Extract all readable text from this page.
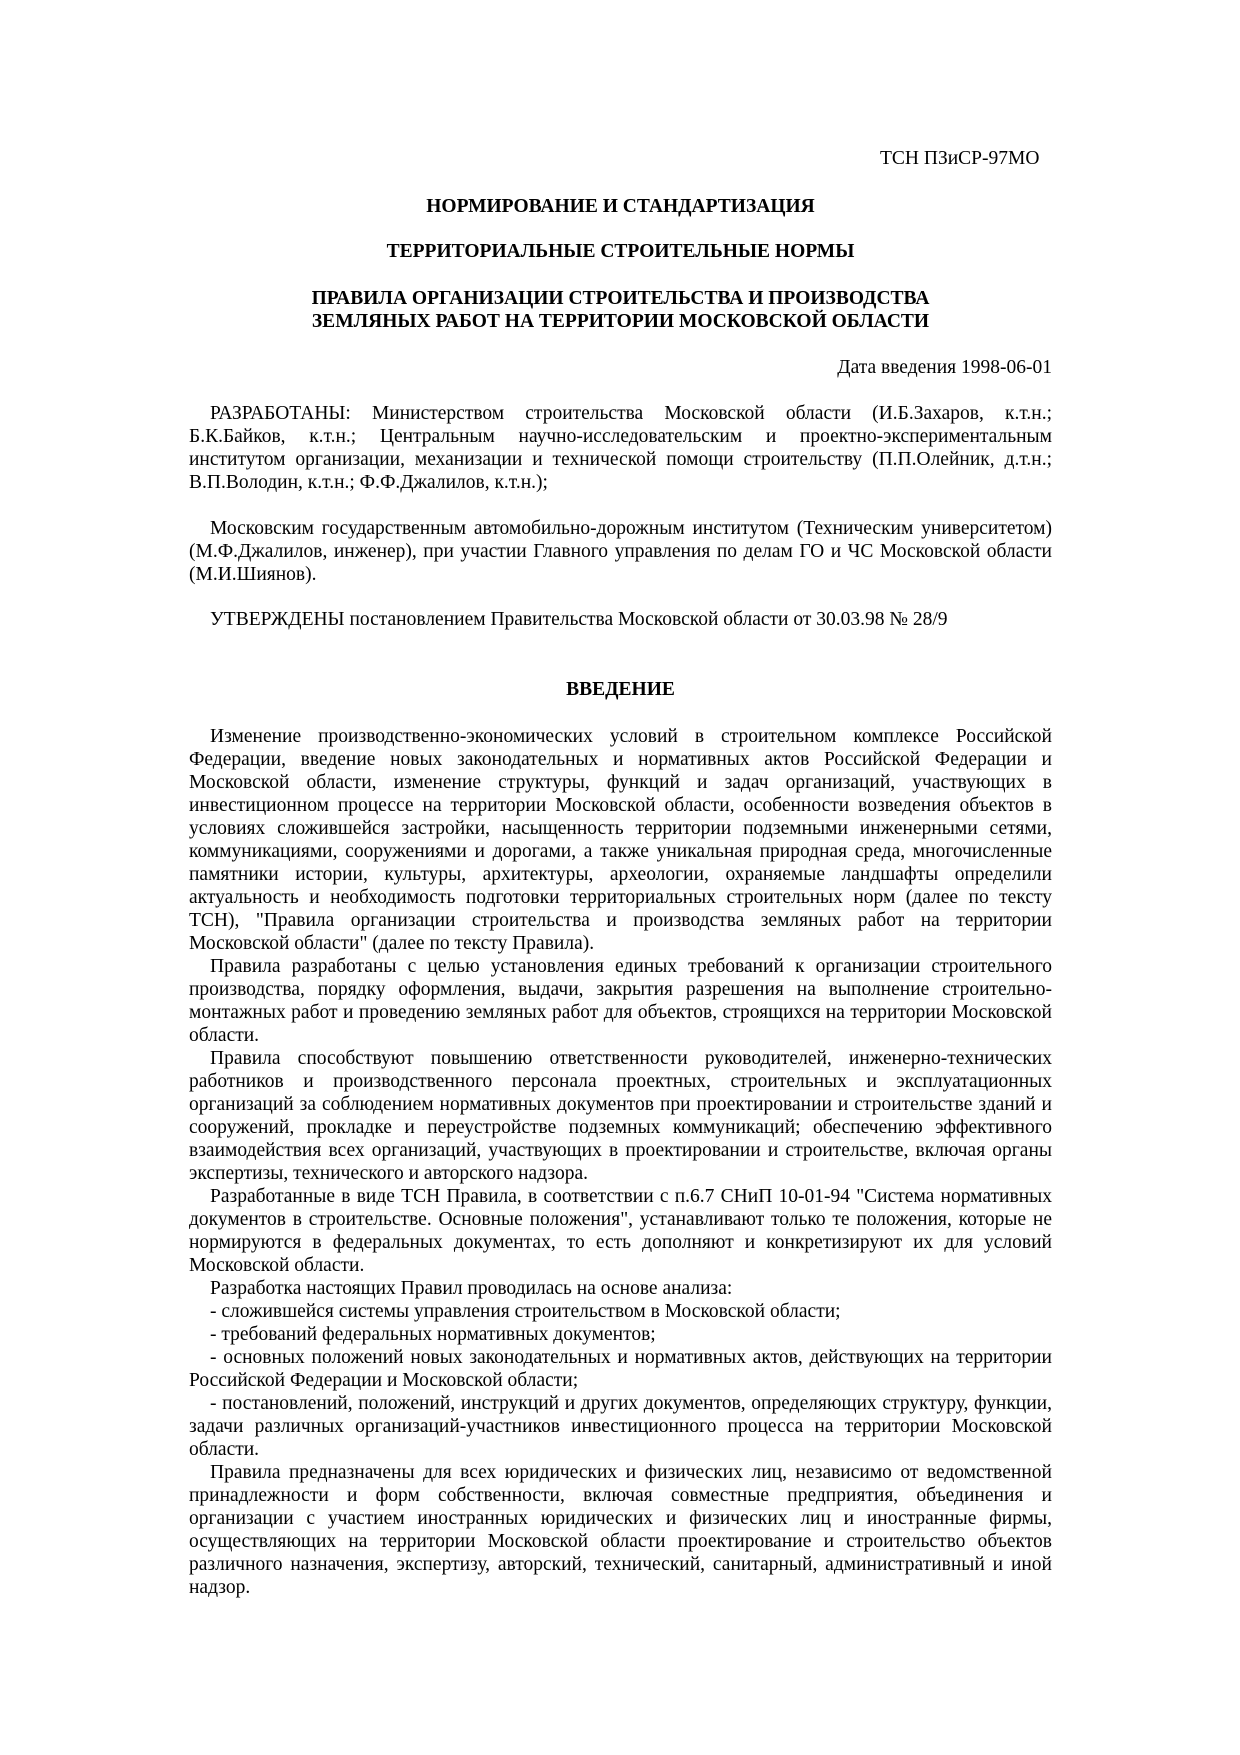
ТСН ПЗиСР-97МО
НОРМИРОВАНИЕ И СТАНДАРТИЗАЦИЯ
ТЕРРИТОРИАЛЬНЫЕ СТРОИТЕЛЬНЫЕ НОРМЫ
ПРАВИЛА ОРГАНИЗАЦИИ СТРОИТЕЛЬСТВА И ПРОИЗВОДСТВА
ЗЕМЛЯНЫХ РАБОТ НА ТЕРРИТОРИИ МОСКОВСКОЙ ОБЛАСТИ
Дата введения 1998-06-01

РАЗРАБОТАНЫ: Министерством строительства Московской области (И.Б.Захаров, к.т.н.; Б.К.Байков, к.т.н.; Центральным научно-исследовательским и проектно-экспериментальным институтом организации, механизации и технической помощи строительству (П.П.Олейник, д.т.н.; В.П.Володин, к.т.н.; Ф.Ф.Джалилов, к.т.н.);

Московским государственным автомобильно-дорожным институтом (Техническим университетом) (М.Ф.Джалилов, инженер), при участии Главного управления по делам ГО и ЧС Московской области (М.И.Шиянов).

УТВЕРЖДЕНЫ постановлением Правительства Московской области от 30.03.98 № 28/9

ВВЕДЕНИЕ

Изменение производственно-экономических условий в строительном комплексе Российской Федерации, введение новых законодательных и нормативных актов Российской Федерации и Московской области, изменение структуры, функций и задач организаций, участвующих в инвестиционном процессе на территории Московской области, особенности возведения объектов в условиях сложившейся застройки, насыщенность территории подземными инженерными сетями, коммуникациями, сооружениями и дорогами, а также уникальная природная среда, многочисленные памятники истории, культуры, архитектуры, археологии, охраняемые ландшафты определили актуальность и необходимость подготовки территориальных строительных норм (далее по тексту ТСН), "Правила организации строительства и производства земляных работ на территории Московской области" (далее по тексту Правила).

Правила разработаны с целью установления единых требований к организации строительного производства, порядку оформления, выдачи, закрытия разрешения на выполнение строительно-монтажных работ и проведению земляных работ для объектов, строящихся на территории Московской области.

Правила способствуют повышению ответственности руководителей, инженерно-технических работников и производственного персонала проектных, строительных и эксплуатационных организаций за соблюдением нормативных документов при проектировании и строительстве зданий и сооружений, прокладке и переустройстве подземных коммуникаций; обеспечению эффективного взаимодействия всех организаций, участвующих в проектировании и строительстве, включая органы экспертизы, технического и авторского надзора.

Разработанные в виде ТСН Правила, в соответствии с п.6.7 СНиП 10-01-94 "Система нормативных документов в строительстве. Основные положения", устанавливают только те положения, которые не нормируются в федеральных документах, то есть дополняют и конкретизируют их для условий Московской области.

Разработка настоящих Правил проводилась на основе анализа:

- сложившейся системы управления строительством в Московской области;

- требований федеральных нормативных документов;

- основных положений новых законодательных и нормативных актов, действующих на территории Российской Федерации и Московской области;

- постановлений, положений, инструкций и других документов, определяющих структуру, функции, задачи различных организаций-участников инвестиционного процесса на территории Московской области.

Правила предназначены для всех юридических и физических лиц, независимо от ведомственной принадлежности и форм собственности, включая совместные предприятия, объединения и организации с участием иностранных юридических и физических лиц и иностранные фирмы, осуществляющих на территории Московской области проектирование и строительство объектов различного назначения, экспертизу, авторский, технический, санитарный, административный и иной надзор.
